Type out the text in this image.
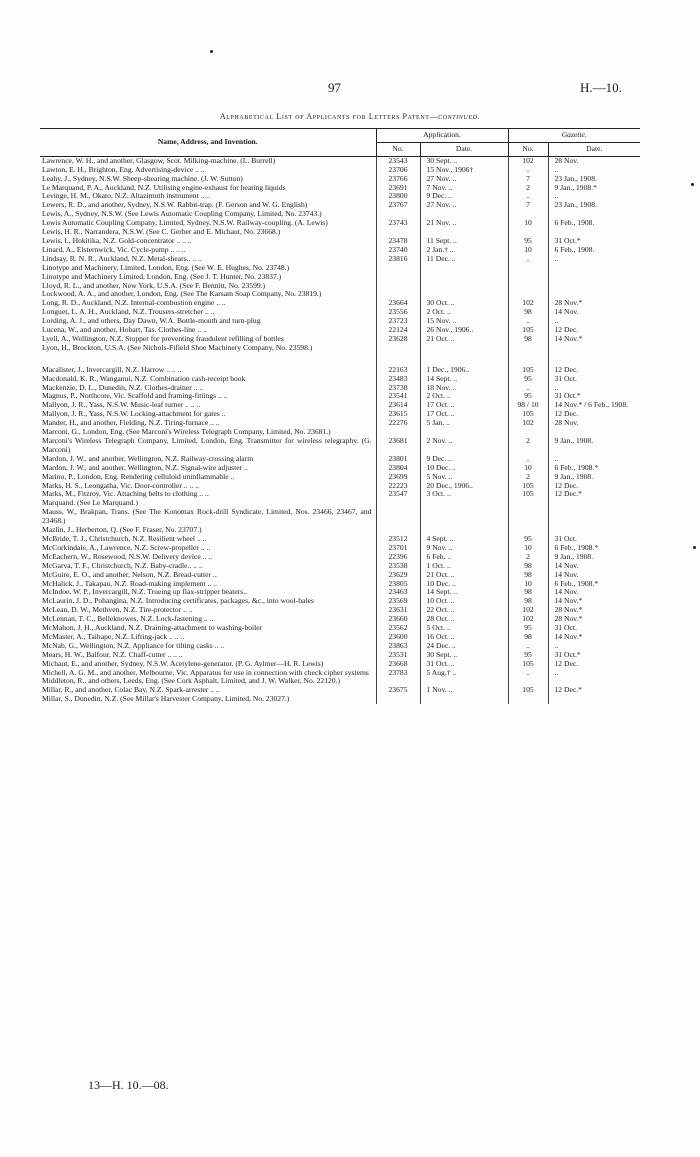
97	H.—10.
Alphabetical List of Applicants for Letters Patent—continued.
Name, Address, and Invention.	Application.		Gazette.	
	No.	Date.	No.	Date.
Lawrence, W. H., and another, Glasgow, Scot. Milking-machine. (L. Burrell)	23543	30 Sept. ..	102	28 Nov.
Lawton, E. H., Brighton, Eng. Advertising-device .. ..	23706	15 Nov., 1906†	..	..
Leahy, J., Sydney, N.S.W. Sheep-shearing machine. (J. W. Sutton)	23766	27 Nov. ..	7	23 Jan., 1908.
Le Marquand, P. A., Auckland, N.Z. Utilising engine-exhaust for heating liquids	23691	7 Nov. ..	2	9 Jan., 1908.*
Levinge, H. M., Okato, N.Z. Altazimuth instrument .. ..	23800	9 Dec. ..	..	..
Lewers, R. D., and another, Sydney, N.S.W. Rabbit-trap. (F. Gerson and W. G. English)	23767	27 Nov. ..	7	23 Jan., 1908.
Lewis, A., Sydney, N.S.W. (See Lewis Automatic Coupling Company, Limited, No. 23743.)				
Lewis Automatic Coupling Company, Limited, Sydney, N.S.W. Railway-coupling. (A. Lewis)	23743	21 Nov. ..	10	6 Feb., 1908.
Lewis, H. R., Narrandera, N.S.W. (See C. Gerber and E. Michaut, No. 23668.)				
Lewis, I., Hokitika, N.Z. Gold-concentrator .. .. ..	23478	11 Sept. ..	95	31 Oct.*
Linard, A., Elsternwick, Vic. Cycle-pump .. .. ..	23740	2 Jan.† ..	10	6 Feb., 1908.
Lindsay, R. N. R., Auckland, N.Z. Metal-shears.. .. ..	23816	11 Dec. ..	..	..
Linotype and Machinery, Limited, London, Eng. (See W. E. Hughes, No. 23748.)				
Linotype and Machinery Limited, London, Eng. (See J. T. Hunter, No. 23837.)				
Lloyd, R. L., and another, New York, U.S.A. (See F. Bennitt, No. 23599.)				
Lockwood, A. A., and another, London, Eng. (See The Karsam Soap Company, No. 23819.)				
Long, R. D., Auckland, N.Z. Internal-combustion engine .. ..	23664	30 Oct. ..	102	28 Nov.*
Longuet, L. A. H., Auckland, N.Z. Trousers-stretcher .. ..	23556	2 Oct. ..	98	14 Nov.
Lording, A. J., and others, Day Dawn, W.A. Bottle-mouth and turn-plug	23723	15 Nov. ..	..	..
Lucena, W., and another, Hobart, Tas. Clothes-line .. ..	22124	26 Nov., 1906..	105	12 Dec.
Lyell, A., Wellington, N.Z. Stopper for preventing fraudulent refilling of bottles	23628	21 Oct. ..	98	14 Nov.*
Lyon, H., Brockton, U.S.A. (See Nichols-Fifield Shoe Machinery Company, No. 23598.)				

Macalister, J., Invercargill, N.Z. Harrow .. .. ..	22163	1 Dec., 1906..	105	12 Dec.
Macdonald, K. R., Wanganui, N.Z. Combination cash-receipt book	23483	14 Sept. ..	95	31 Oct.
Mackenzie, D. L., Dunedin, N.Z. Clothes-drainer .. ..	23738	18 Nov. ..	..	..
Magnus, P., Northcote, Vic. Scaffold and framing-fittings .. ..	23541	2 Oct. ..	95	31 Oct.*
Mallyon, J. R., Yass, N.S.W. Music-leaf turner .. .. ..	23614	17 Oct. ..	98 / 10	14 Nov.* / 6 Feb., 1908.
Mallyon, J. R., Yass, N.S.W. Locking-attachment for gates ..	23615	17 Oct. ..	105	12 Dec.
Mander, H., and another, Fielding, N.Z. Tiring-furnace .. ..	22276	5 Jan. ..	102	28 Nov.
Marconi, G., London, Eng. (See Marconi's Wireless Telegraph Company, Limited, No. 23681.)				
Marconi's Wireless Telegraph Company, Limited, London, Eng. Transmitter for wireless telegraphy. (G. Marconi)	23681	2 Nov. ..	2	9 Jan., 1908.
Mardon, J. W., and another, Wellington, N.Z. Railway-crossing alarm	23801	9 Dec. ..	..	..
Mardon, J. W., and another, Wellington, N.Z. Signal-wire adjuster ..	23804	10 Dec. ..	10	6 Feb., 1908.*
Marino, P., London, Eng. Rendering celluloid uninflammable ..	23699	5 Nov. ..	2	9 Jan., 1908.
Marks, H. S., Leongatha, Vic. Door-controller .. .. ..	22223	20 Dec., 1906..	105	12 Dec.
Marks, M., Fitzroy, Vic. Attaching belts to clothing .. ..	23547	3 Oct. ..	105	12 Dec.*
Marquand. (See Le Marquand.)				
Mauss, W., Brakpan, Trans. (See The Konomax Rock-drill Syndicate, Limited, Nos. 23466, 23467, and 23468.)				
Mazlin, J., Herberton, Q. (See F. Fraser, No. 23707.)				
McBride, T. J., Christchurch, N.Z. Resilient wheel .. ..	23512	4 Sept. ..	95	31 Oct.
McCorkindale, A., Lawrence, N.Z. Screw-propeller .. ..	23701	9 Nov. ..	10	6 Feb., 1908.*
McEachern, W., Rosewood, N.S.W. Delivery device .. ..	22396	6 Feb. ..	2	9 Jan., 1908.
McGarva, T. F., Christchurch, N.Z. Baby-cradle.. .. ..	23538	1 Oct. ..	98	14 Nov.
McGuire, E. O., and another, Nelson, N.Z. Bread-cutter ..	23629	21 Oct. ..	98	14 Nov.
McHalick, J., Takapau, N.Z. Road-making implement .. ..	23805	10 Dec. ..	10	6 Feb., 1908.*
McIndoe, W. P., Invercargill, N.Z. Trueing up flax-stripper beaters..	23463	14 Sept. ..	98	14 Nov.
McLaurin, J. D., Pohangina, N.Z. Introducing certificates, packages, &c., into wool-bales	23569	10 Oct. ..	98	14 Nov.*
McLean, D. W., Methven, N.Z. Tire-protector .. ..	23631	22 Oct. ..	102	28 Nov.*
McLennan, T. C., Belleknowes, N.Z. Lock-fastening .. ..	23660	28 Oct. ..	102	28 Nov.*
McMahon, J. H., Auckland, N.Z. Draining-attachment to washing-boiler	23562	5 Oct. ..	95	31 Oct.
McMaster, A., Taihape, N.Z. Lifting-jack .. .. ..	23600	16 Oct. ..	98	14 Nov.*
McNab, G., Wellington, N.Z. Appliance for tilting casks .. ..	23863	24 Dec. ..	..	..
Mears, H. W., Balfour, N.Z. Chaff-cutter .. .. ..	23531	30 Sept. ..	95	31 Oct.*
Michaut, E., and another, Sydney, N.S.W. Acetylene-generator. (P. G. Aylmer—H. R. Lewis)	23668	31 Oct. ..	105	12 Dec.
Michell, A. G. M., and another, Melbourne, Vic. Apparatus for use in connection with check cipher systems	23783	5 Aug.† ..	..	..
Middleton, R., and others, Leeds, Eng. (See Cork Asphalt, Limited, and J. W. Walker, No. 22120.)				
Millar, R., and another, Colac Bay, N.Z. Spark-arrester .. ..	23675	1 Nov. ..	105	12 Dec.*
Millar, S., Dunedin, N.Z. (See Millar's Harvester Company, Limited, No. 23027.)				
13—H. 10.—08.
